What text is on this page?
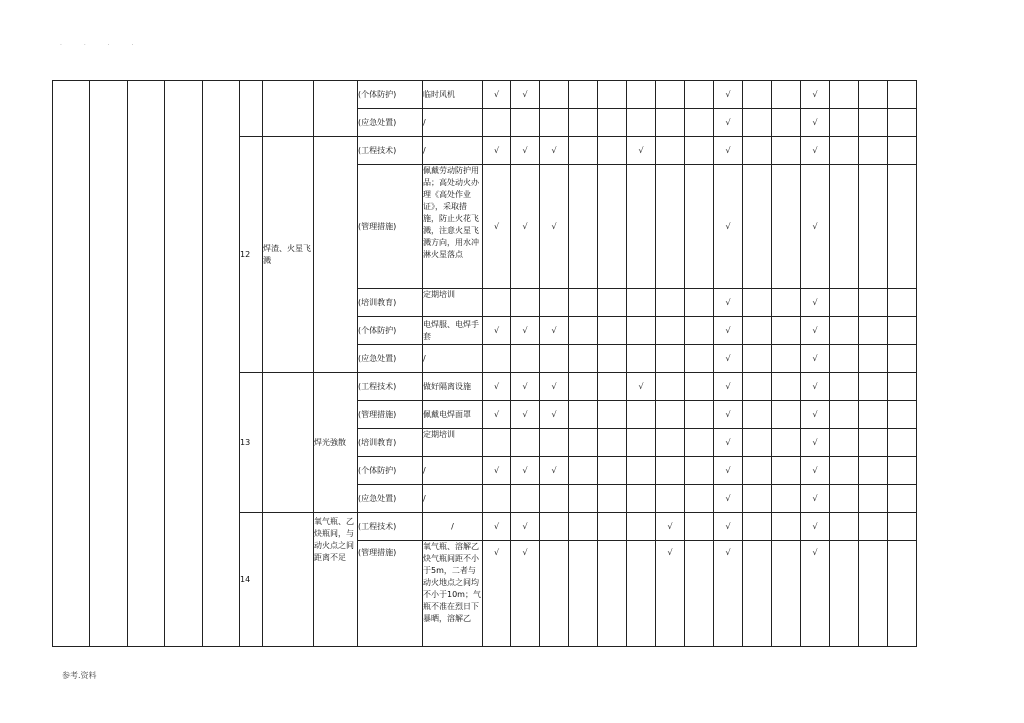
. . . .
								(个体防护)	临时风机	√	√							√			√			
								(应急处置)	/									√			√			
					12	焊渣、火星飞溅		(工程技术)	/	√	√	√			√			√			√			
								(管理措施)	佩戴劳动防护用品；高处动火办理《高处作业证》，采取措施，防止火花飞溅，注意火星飞溅方向，用水冲淋火星落点	√	√	√						√			√			
								(培训教育)	定期培训									√			√			
								(个体防护)	电焊服、电焊手套	√	√	√						√			√			
								(应急处置)	/									√			√			
					13		焊光強散	(工程技术)	做好隔离设施	√	√	√			√			√			√			
								(管理措施)	佩戴电焊面罩	√	√	√						√			√			
								(培训教育)	定期培训									√			√			
								(个体防护)	/	√	√	√						√			√			
								(应急处置)	/									√			√			
					14		氧气瓶、乙炔瓶间，与动火点之间距离不足	(工程技术)	/	√	√					√		√			√			
								(管理措施)	氧气瓶、溶解乙炔气瓶间距不小于5m，二者与动火地点之间均不小于10m；气瓶不准在烈日下暴晒，溶解乙	√	√					√		√			√			
参考.资料
